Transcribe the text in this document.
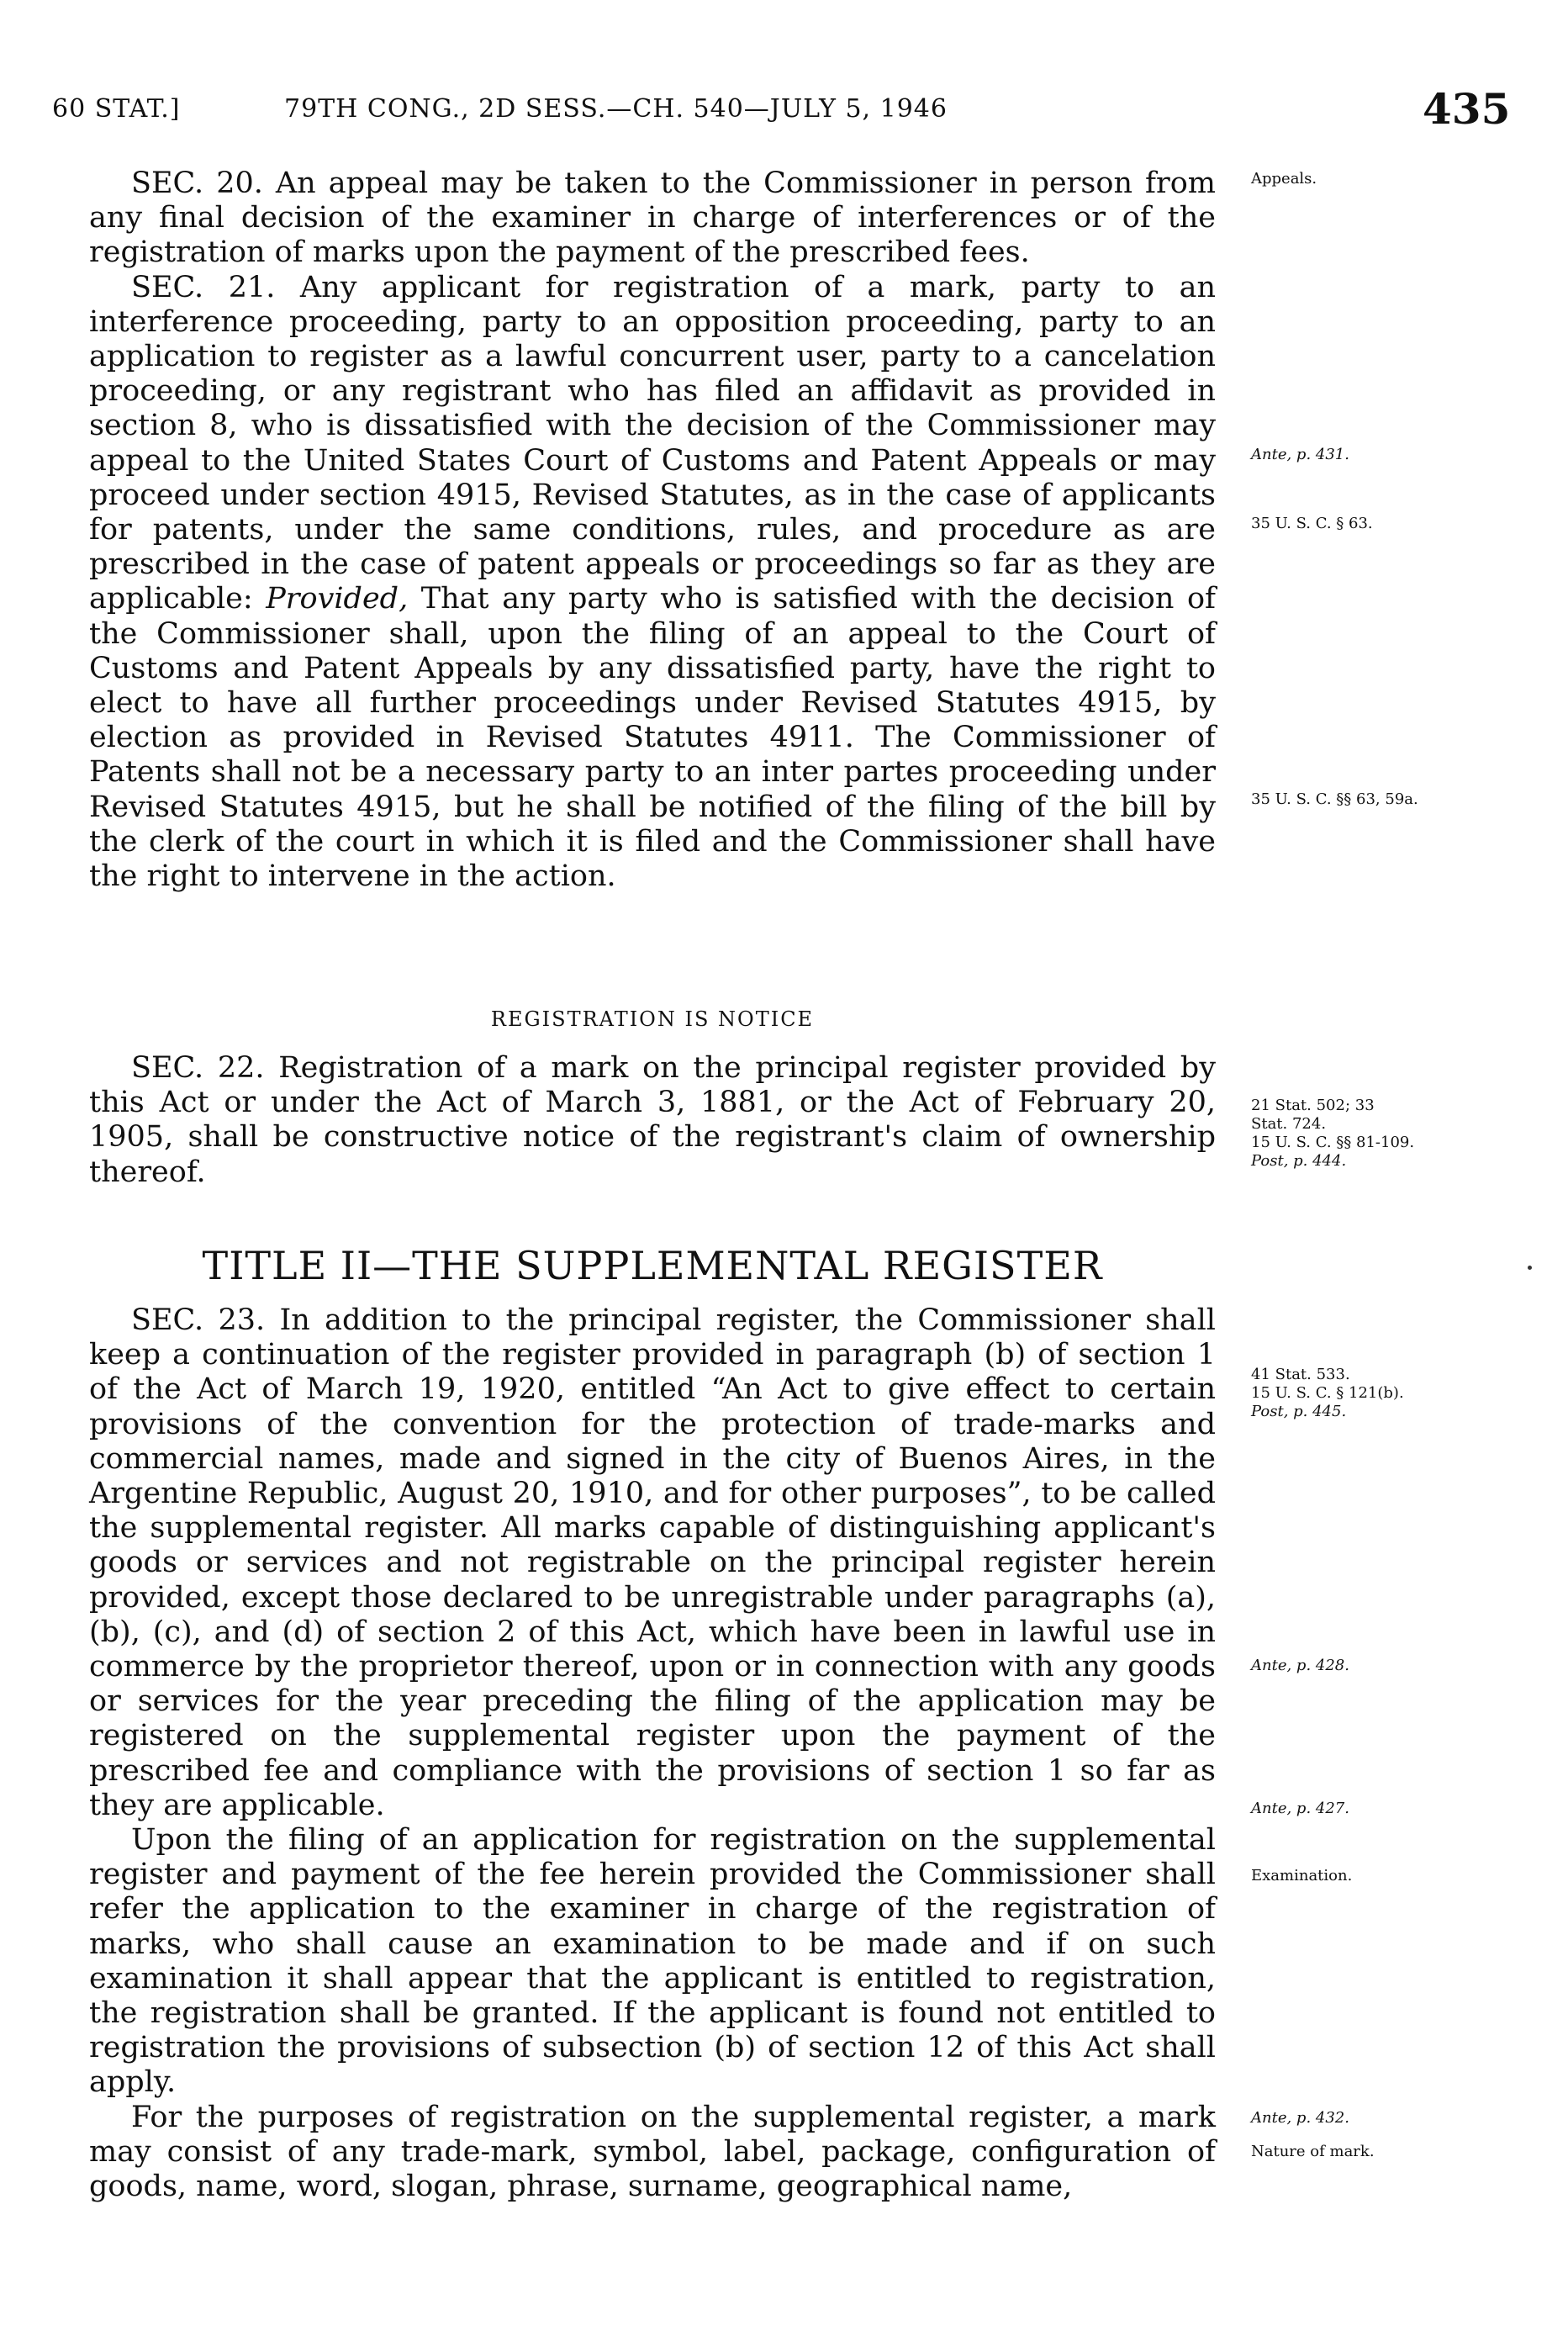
60 STAT.]	79TH CONG., 2D SESS.—CH. 540—JULY 5, 1946	435

SEC. 20. An appeal may be taken to the Commissioner in person from any final decision of the examiner in charge of interferences or of the registration of marks upon the payment of the prescribed fees.

SEC. 21. Any applicant for registration of a mark, party to an interference proceeding, party to an opposition proceeding, party to an application to register as a lawful concurrent user, party to a cancelation proceeding, or any registrant who has filed an affidavit as provided in section 8, who is dissatisfied with the decision of the Commissioner may appeal to the United States Court of Customs and Patent Appeals or may proceed under section 4915, Revised Statutes, as in the case of applicants for patents, under the same conditions, rules, and procedure as are prescribed in the case of patent appeals or proceedings so far as they are applicable: Provided, That any party who is satisfied with the decision of the Commissioner shall, upon the filing of an appeal to the Court of Customs and Patent Appeals by any dissatisfied party, have the right to elect to have all further proceedings under Revised Statutes 4915, by election as provided in Revised Statutes 4911. The Commissioner of Patents shall not be a necessary party to an inter partes proceeding under Revised Statutes 4915, but he shall be notified of the filing of the bill by the clerk of the court in which it is filed and the Commissioner shall have the right to intervene in the action.

REGISTRATION IS NOTICE

SEC. 22. Registration of a mark on the principal register provided by this Act or under the Act of March 3, 1881, or the Act of February 20, 1905, shall be constructive notice of the registrant's claim of ownership thereof.

TITLE II—THE SUPPLEMENTAL REGISTER

SEC. 23. In addition to the principal register, the Commissioner shall keep a continuation of the register provided in paragraph (b) of section 1 of the Act of March 19, 1920, entitled “An Act to give effect to certain provisions of the convention for the protection of trade-marks and commercial names, made and signed in the city of Buenos Aires, in the Argentine Republic, August 20, 1910, and for other purposes”, to be called the supplemental register. All marks capable of distinguishing applicant's goods or services and not registrable on the principal register herein provided, except those declared to be unregistrable under paragraphs (a), (b), (c), and (d) of section 2 of this Act, which have been in lawful use in commerce by the proprietor thereof, upon or in connection with any goods or services for the year preceding the filing of the application may be registered on the supplemental register upon the payment of the prescribed fee and compliance with the provisions of section 1 so far as they are applicable.

Upon the filing of an application for registration on the supplemental register and payment of the fee herein provided the Commissioner shall refer the application to the examiner in charge of the registration of marks, who shall cause an examination to be made and if on such examination it shall appear that the applicant is entitled to registration, the registration shall be granted. If the applicant is found not entitled to registration the provisions of subsection (b) of section 12 of this Act shall apply.

For the purposes of registration on the supplemental register, a mark may consist of any trade-mark, symbol, label, package, configuration of goods, name, word, slogan, phrase, surname, geographical name,

Appeals.
Ante, p. 431.
35 U. S. C. § 63.
35 U. S. C. §§ 63, 59a.
21 Stat. 502; 33
Stat. 724.
15 U. S. C. §§ 81-109.
Post, p. 444.
41 Stat. 533.
15 U. S. C. § 121(b).
Post, p. 445.
Ante, p. 428.
Ante, p. 427.
Examination.
Ante, p. 432.
Nature of mark.
